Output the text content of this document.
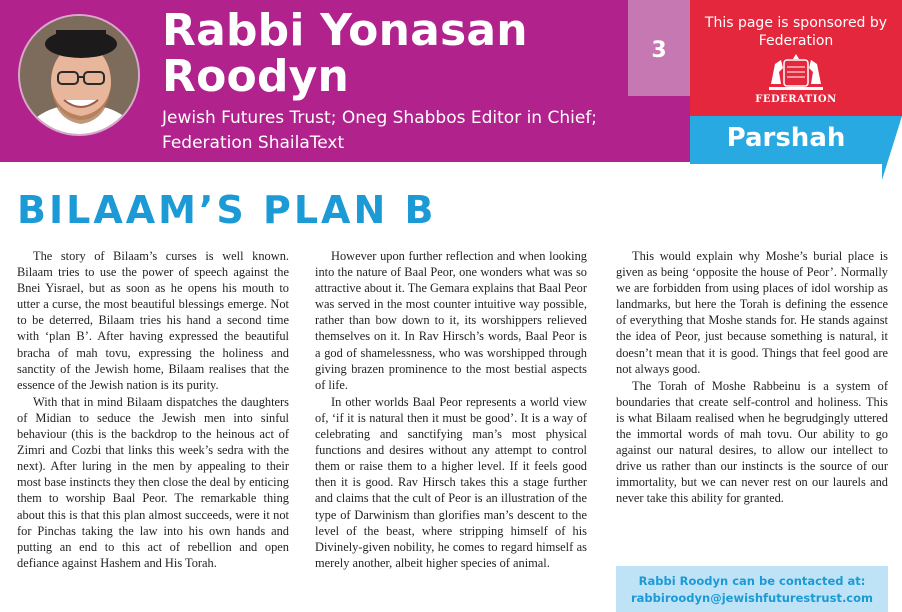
Rabbi Yonasan Roodyn
Jewish Futures Trust; Oneg Shabbos Editor in Chief; Federation ShailaText
3
This page is sponsored by Federation
FEDERATION
Parshah
BILAAM’S PLAN B

The story of Bilaam’s curses is well known. Bilaam tries to use the power of speech against the Bnei Yisrael, but as soon as he opens his mouth to utter a curse, the most beautiful blessings emerge. Not to be deterred, Bilaam tries his hand a second time with ‘plan B’. After having expressed the beautiful bracha of mah tovu, expressing the holiness and sanctity of the Jewish home, Bilaam realises that the essence of the Jewish nation is its purity.

With that in mind Bilaam dispatches the daughters of Midian to seduce the Jewish men into sinful behaviour (this is the backdrop to the heinous act of Zimri and Cozbi that links this week’s sedra with the next). After luring in the men by appealing to their most base instincts they then close the deal by enticing them to worship Baal Peor. The remarkable thing about this is that this plan almost succeeds, were it not for Pinchas taking the law into his own hands and putting an end to this act of rebellion and open defiance against Hashem and His Torah.

However upon further reflection and when looking into the nature of Baal Peor, one wonders what was so attractive about it. The Gemara explains that Baal Peor was served in the most counter intuitive way possible, rather than bow down to it, its worshippers relieved themselves on it. In Rav Hirsch’s words, Baal Peor is a god of shamelessness, who was worshipped through giving brazen prominence to the most bestial aspects of life.

In other worlds Baal Peor represents a world view of, ‘if it is natural then it must be good’. It is a way of celebrating and sanctifying man’s most physical functions and desires without any attempt to control them or raise them to a higher level. If it feels good then it is good. Rav Hirsch takes this a stage further and claims that the cult of Peor is an illustration of the type of Darwinism than glorifies man’s descent to the level of the beast, where stripping himself of his Divinely-given nobility, he comes to regard himself as merely another, albeit higher species of animal.

This would explain why Moshe’s burial place is given as being ‘opposite the house of Peor’. Normally we are forbidden from using places of idol worship as landmarks, but here the Torah is defining the essence of everything that Moshe stands for. He stands against the idea of Peor, just because something is natural, it doesn’t mean that it is good. Things that feel good are not always good.

The Torah of Moshe Rabbeinu is a system of boundaries that create self-control and holiness. This is what Bilaam realised when he begrudgingly uttered the immortal words of mah tovu. Our ability to go against our natural desires, to allow our intellect to drive us rather than our instincts is the source of our immortality, but we can never rest on our laurels and never take this ability for granted.

Rabbi Roodyn can be contacted at:
rabbiroodyn@jewishfuturestrust.com
